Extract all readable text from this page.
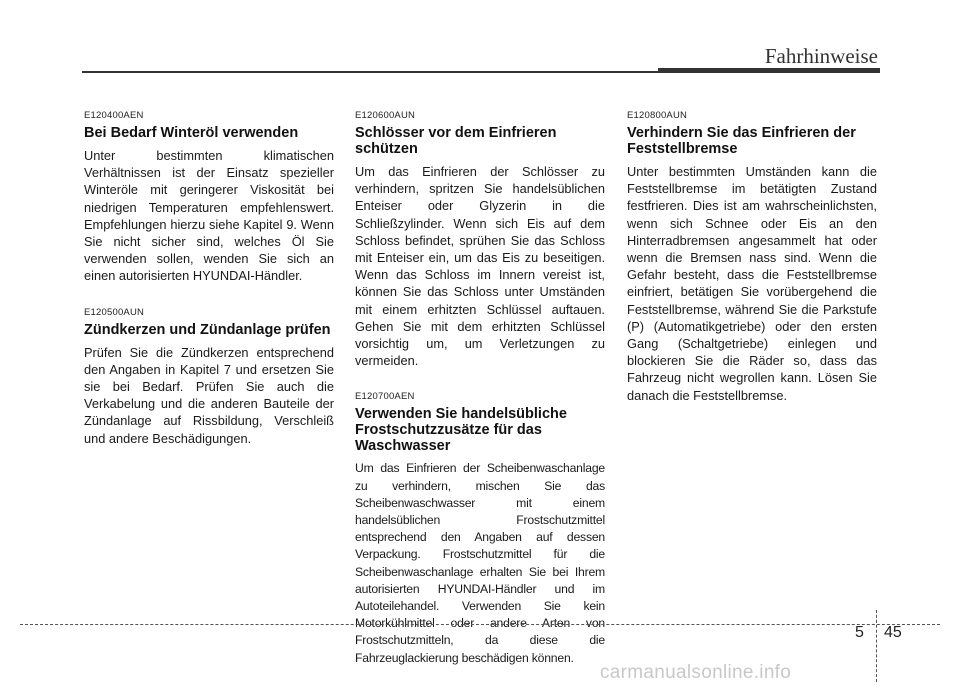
Fahrhinweise

E120400AEN

Bei Bedarf Winteröl verwenden

Unter bestimmten klimatischen Verhältnissen ist der Einsatz spezieller Winteröle mit geringerer Viskosität bei niedrigen Temperaturen empfehlenswert. Empfehlungen hierzu siehe Kapitel 9. Wenn Sie nicht sicher sind, welches Öl Sie verwenden sollen, wenden Sie sich an einen autorisierten HYUNDAI-Händler.

E120500AUN

Zündkerzen und Zündanlage prüfen

Prüfen Sie die Zündkerzen entsprechend den Angaben in Kapitel 7 und ersetzen Sie sie bei Bedarf. Prüfen Sie auch die Verkabelung und die anderen Bauteile der Zündanlage auf Rissbildung, Verschleiß und andere Beschädigungen.

E120600AUN

Schlösser vor dem Einfrieren schützen

Um das Einfrieren der Schlösser zu verhindern, spritzen Sie handelsüblichen Enteiser oder Glyzerin in die Schließzylinder. Wenn sich Eis auf dem Schloss befindet, sprühen Sie das Schloss mit Enteiser ein, um das Eis zu beseitigen. Wenn das Schloss im Innern vereist ist, können Sie das Schloss unter Umständen mit einem erhitzten Schlüssel auftauen. Gehen Sie mit dem erhitzten Schlüssel vorsichtig um, um Verletzungen zu vermeiden.

E120700AEN

Verwenden Sie handelsübliche Frostschutzzusätze für das Waschwasser

Um das Einfrieren der Scheibenwaschanlage zu verhindern, mischen Sie das Scheibenwaschwasser mit einem handelsüblichen Frostschutzmittel entsprechend den Angaben auf dessen Verpackung. Frostschutzmittel für die Scheibenwaschanlage erhalten Sie bei Ihrem autorisierten HYUNDAI-Händler und im Autoteilehandel. Verwenden Sie kein Motorkühlmittel oder andere Arten von Frostschutzmitteln, da diese die Fahrzeuglackierung beschädigen können.

E120800AUN

Verhindern Sie das Einfrieren der Feststellbremse

Unter bestimmten Umständen kann die Feststellbremse im betätigten Zustand festfrieren. Dies ist am wahrscheinlichsten, wenn sich Schnee oder Eis an den Hinterradbremsen angesammelt hat oder wenn die Bremsen nass sind. Wenn die Gefahr besteht, dass die Feststellbremse einfriert, betätigen Sie vorübergehend die Feststellbremse, während Sie die Parkstufe (P) (Automatikgetriebe) oder den ersten Gang (Schaltgetriebe) einlegen und blockieren Sie die Räder so, dass das Fahrzeug nicht wegrollen kann. Lösen Sie danach die Feststellbremse.

5 45
carmanualsonline.info
